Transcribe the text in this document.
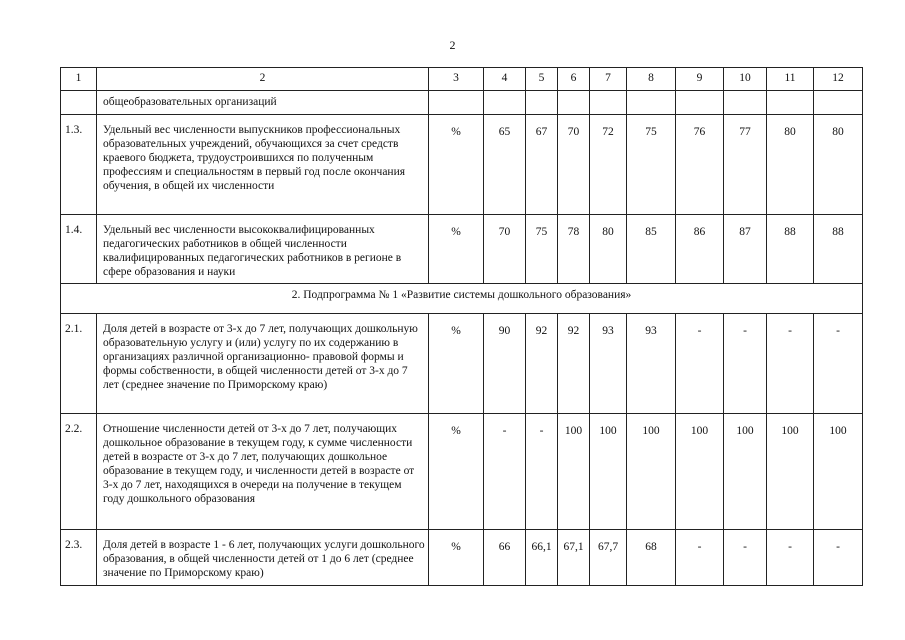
2
1	2	3	4	5	6	7	8	9	10	11	12
	общеобразовательных организаций										
1.3.	Удельный вес численности выпускников профессиональных образовательных учреждений, обучающихся за счет средств краевого бюджета, трудоустроившихся по полученным профессиям и специальностям в первый год после окончания обучения, в общей их численности	%	65	67	70	72	75	76	77	80	80
1.4.	Удельный вес численности высококвалифицированных педагогических работников в общей численности квалифицированных педагогических работников в регионе в сфере образования и науки	%	70	75	78	80	85	86	87	88	88
2. Подпрограмма № 1 «Развитие системы дошкольного образования»											
2.1.	Доля детей в возрасте от 3-х до 7 лет, получающих дошкольную образовательную услугу и (или) услугу по их содержанию в организациях различной организационно- правовой формы и формы собственности, в общей численности детей от 3-х до 7 лет (среднее значение по Приморскому краю)	%	90	92	92	93	93	-	-	-	-
2.2.	Отношение численности детей от 3-х до 7 лет, получающих дошкольное образование в текущем году, к сумме численности детей в возрасте от 3-х до 7 лет, получающих дошкольное образование в текущем году, и численности детей в возрасте от 3-х до 7 лет, находящихся в очереди на получение в текущем году дошкольного образования	%	-	-	100	100	100	100	100	100	100
2.3.	Доля детей в возрасте 1 - 6 лет, получающих услуги дошкольного образования, в общей численности детей от 1 до 6 лет (среднее значение по Приморскому краю)	%	66	66,1	67,1	67,7	68	-	-	-	-
